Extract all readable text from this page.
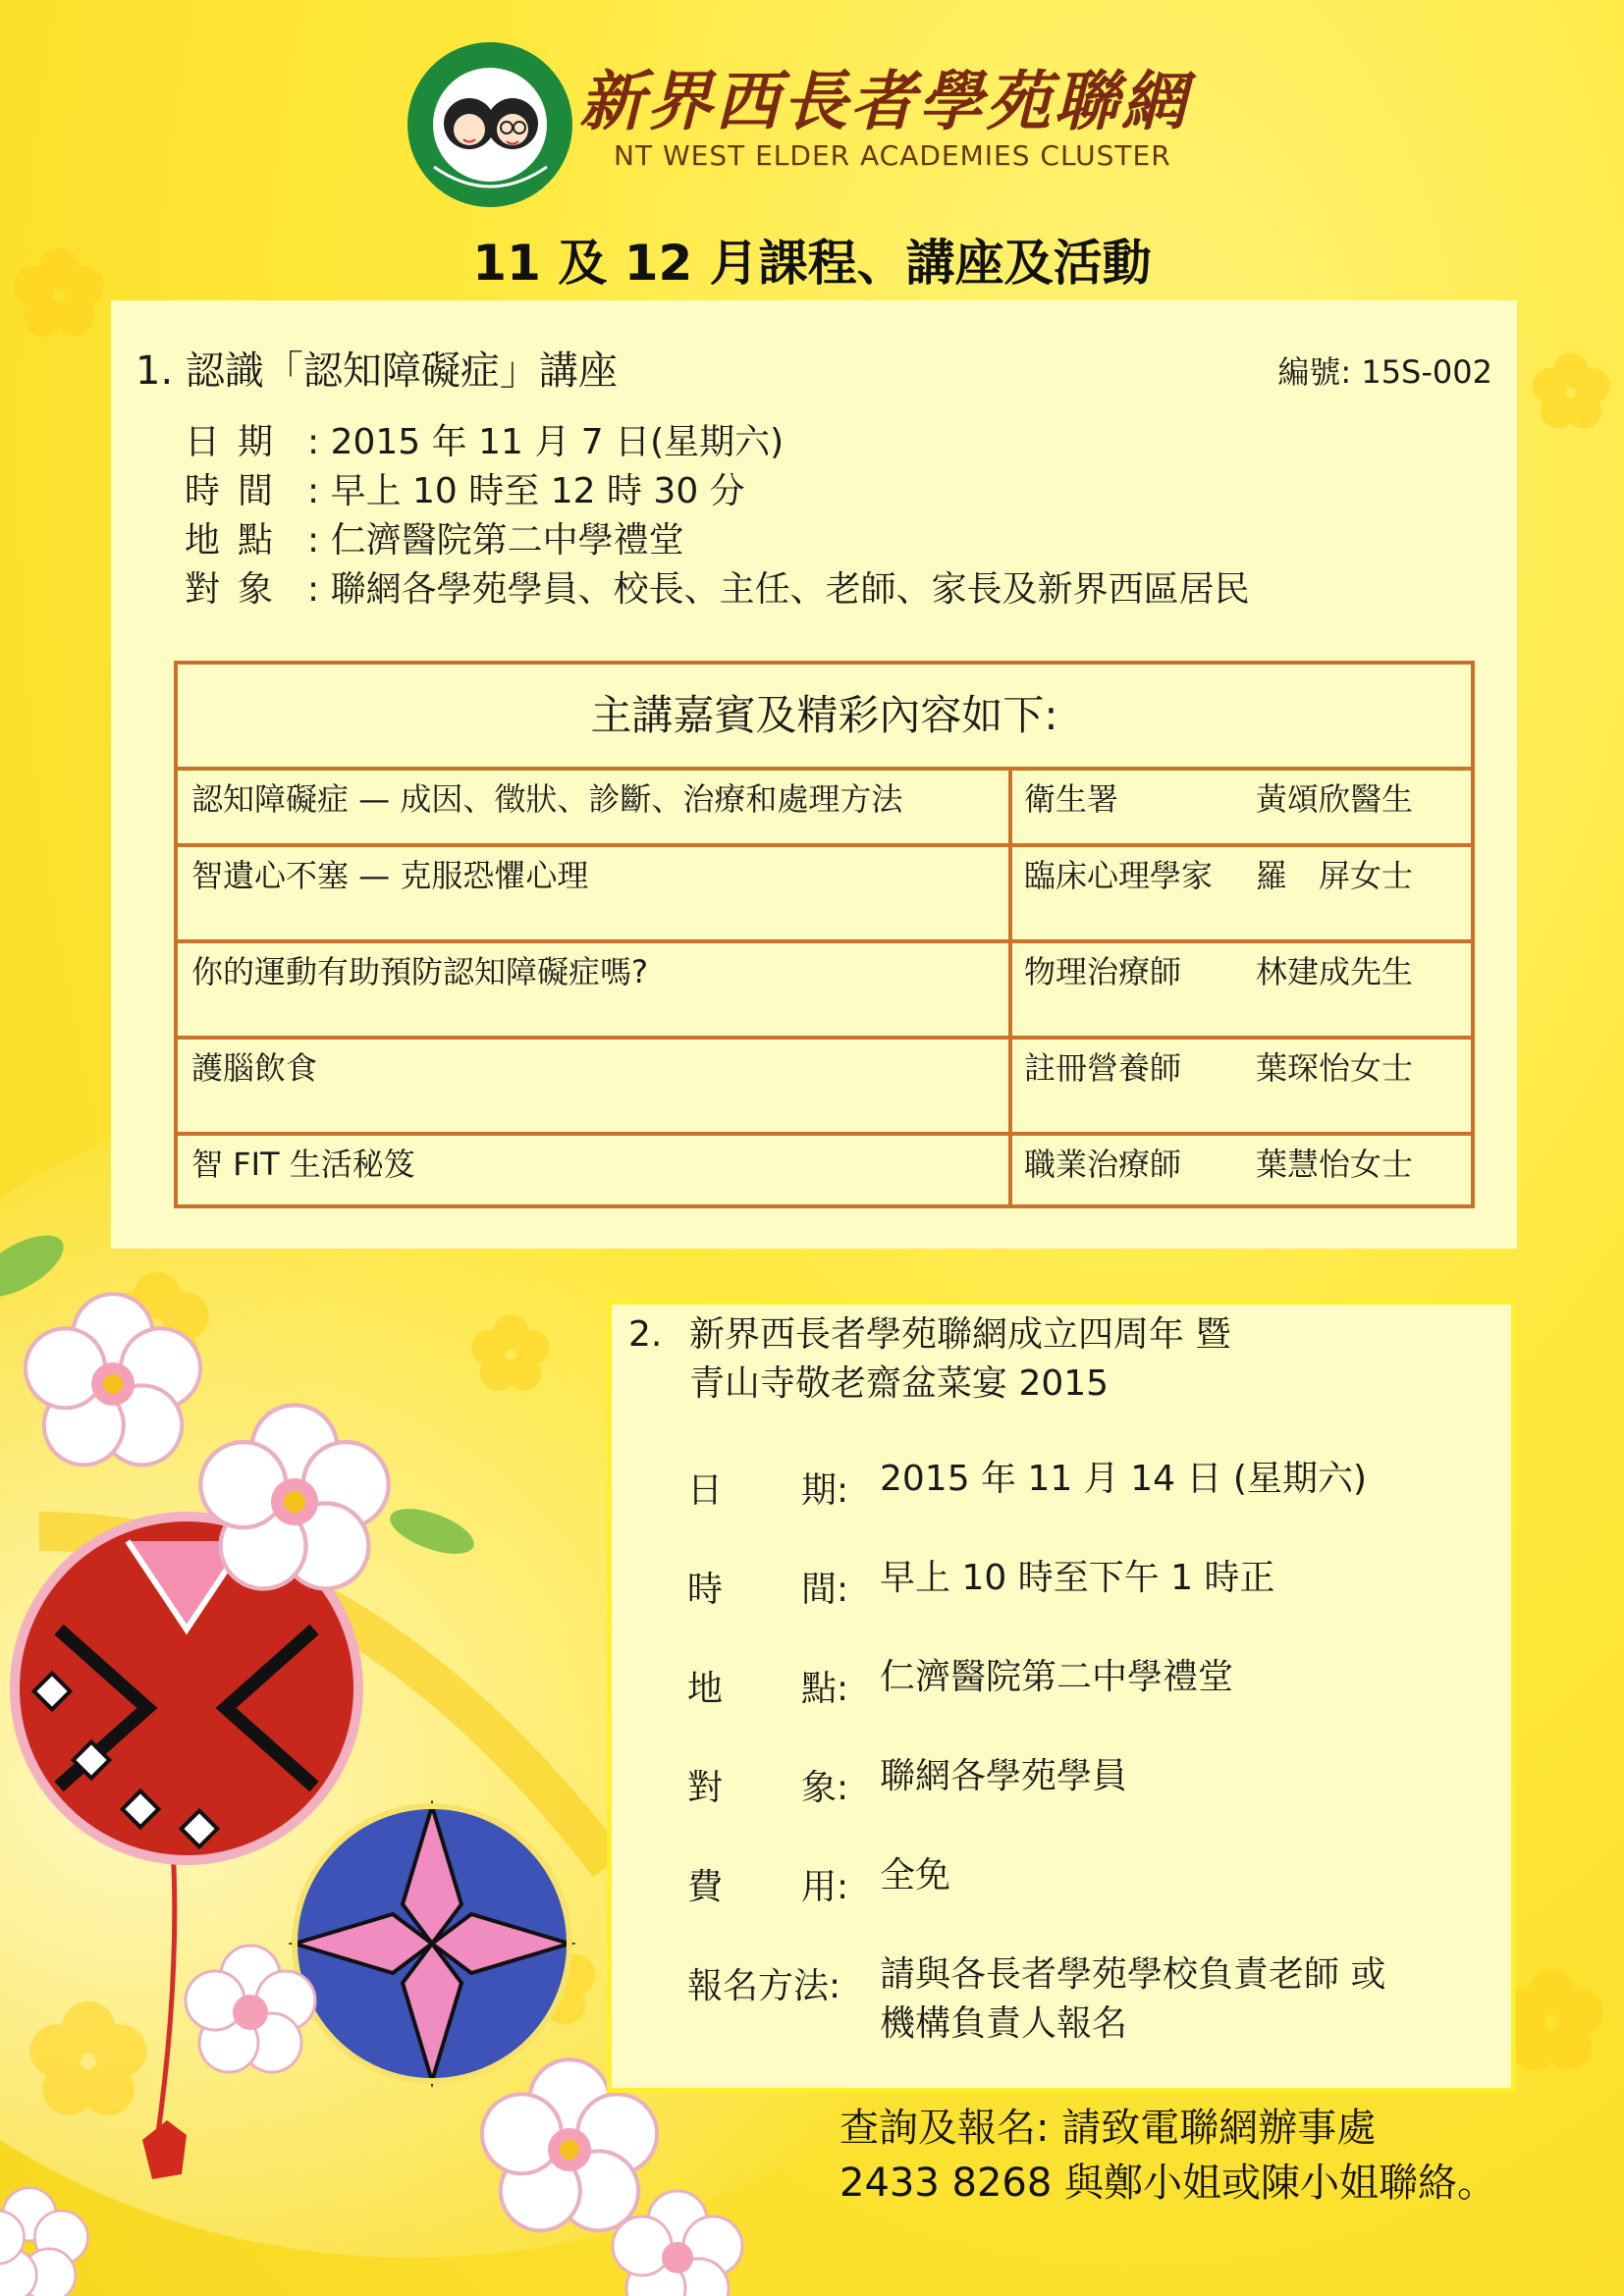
新界西長者學苑聯網
NT WEST ELDER ACADEMIES CLUSTER
11 及 12 月課程、講座及活動
1. 認識「認知障礙症」講座	編號: 15S-002
日期 : 2015 年 11 月 7 日(星期六)
時間 : 早上 10 時至 12 時 30 分
地點 : 仁濟醫院第二中學禮堂
對象 : 聯網各學苑學員、校長、主任、老師、家長及新界西區居民
主講嘉賓及精彩內容如下:
認知障礙症 — 成因、徵狀、診斷、治療和處理方法	衛生署	黃頌欣醫生
智遺心不塞 — 克服恐懼心理	臨床心理學家 羅　屏女士
你的運動有助預防認知障礙症嗎?	物理治療師 林建成先生
護腦飲食	註冊營養師 葉琛怡女士
智 FIT 生活秘笈	職業治療師 葉慧怡女士
2. 新界西長者學苑聯網成立四周年 暨
青山寺敬老齋盆菜宴 2015
日 期: 2015 年 11 月 14 日 (星期六)
時 間: 早上 10 時至下午 1 時正
地 點: 仁濟醫院第二中學禮堂
對 象: 聯網各學苑學員
費 用: 全免
報名方法: 請與各長者學苑學校負責老師 或
機構負責人報名
查詢及報名: 請致電聯網辦事處
2433 8268 與鄭小姐或陳小姐聯絡。
